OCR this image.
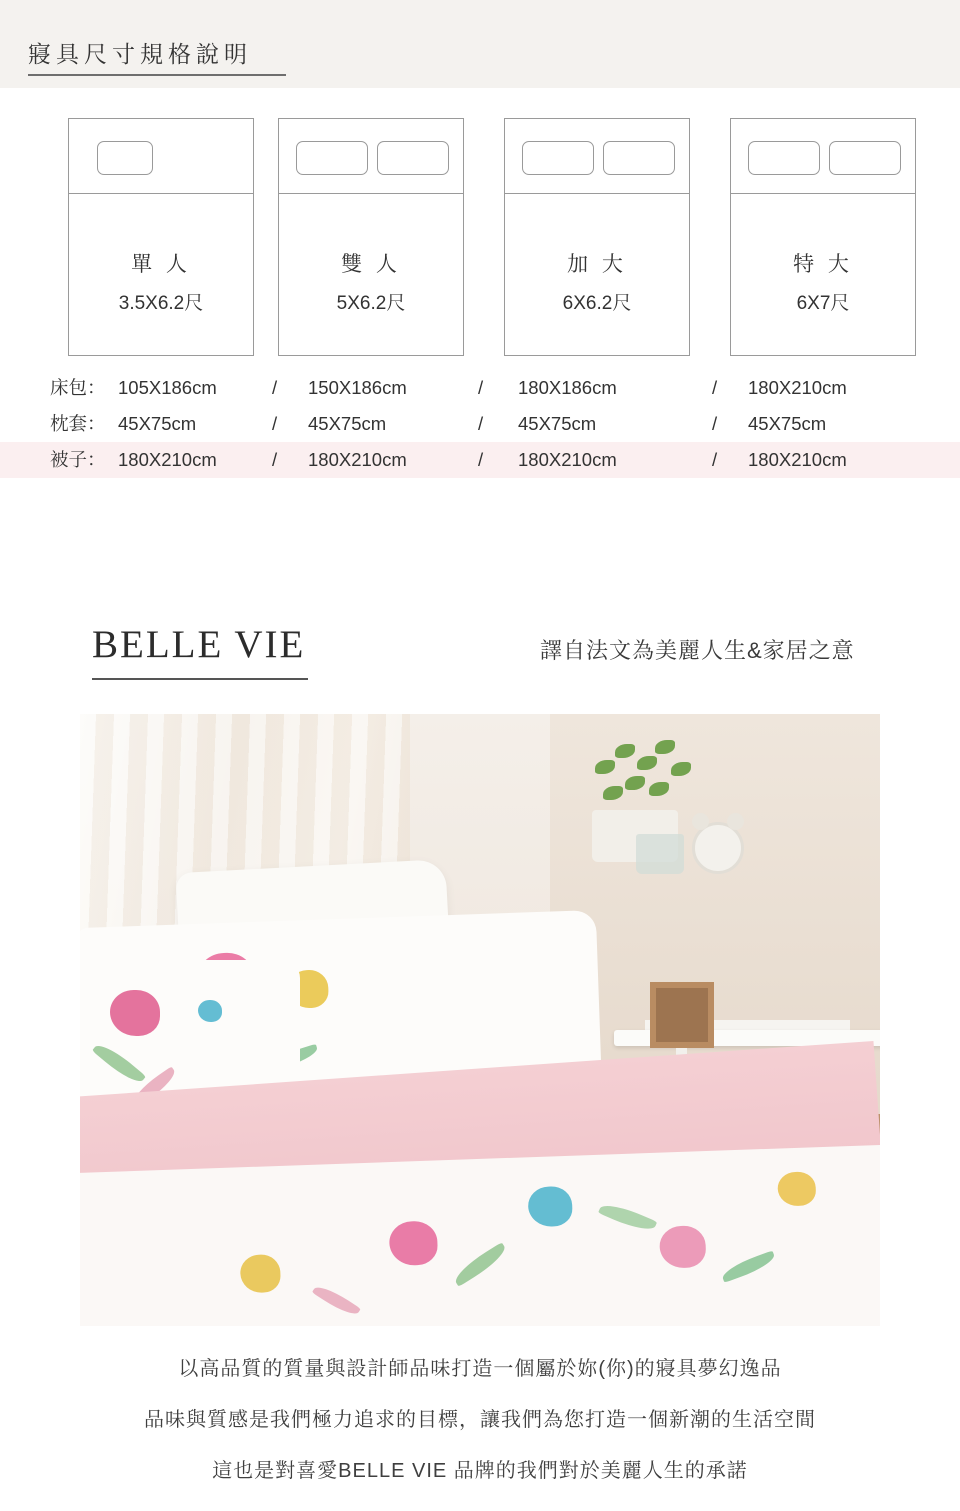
寢具尺寸規格說明
單 人
3.5X6.2尺
雙 人
5X6.2尺
加 大
6X6.2尺
特 大
6X7尺
床包： 105X186cm	/ 150X186cm	/ 180X186cm	/ 180X210cm
枕套： 45X75cm	/ 45X75cm	/ 45X75cm	/ 45X75cm
被子： 180X210cm	/ 180X210cm	/ 180X210cm	/ 180X210cm
BELLE VIE	譯自法文為美麗人生&家居之意

以高品質的質量與設計師品味打造一個屬於妳(你)的寢具夢幻逸品

品味與質感是我們極力追求的目標，讓我們為您打造一個新潮的生活空間

這也是對喜愛BELLE VIE 品牌的我們對於美麗人生的承諾
